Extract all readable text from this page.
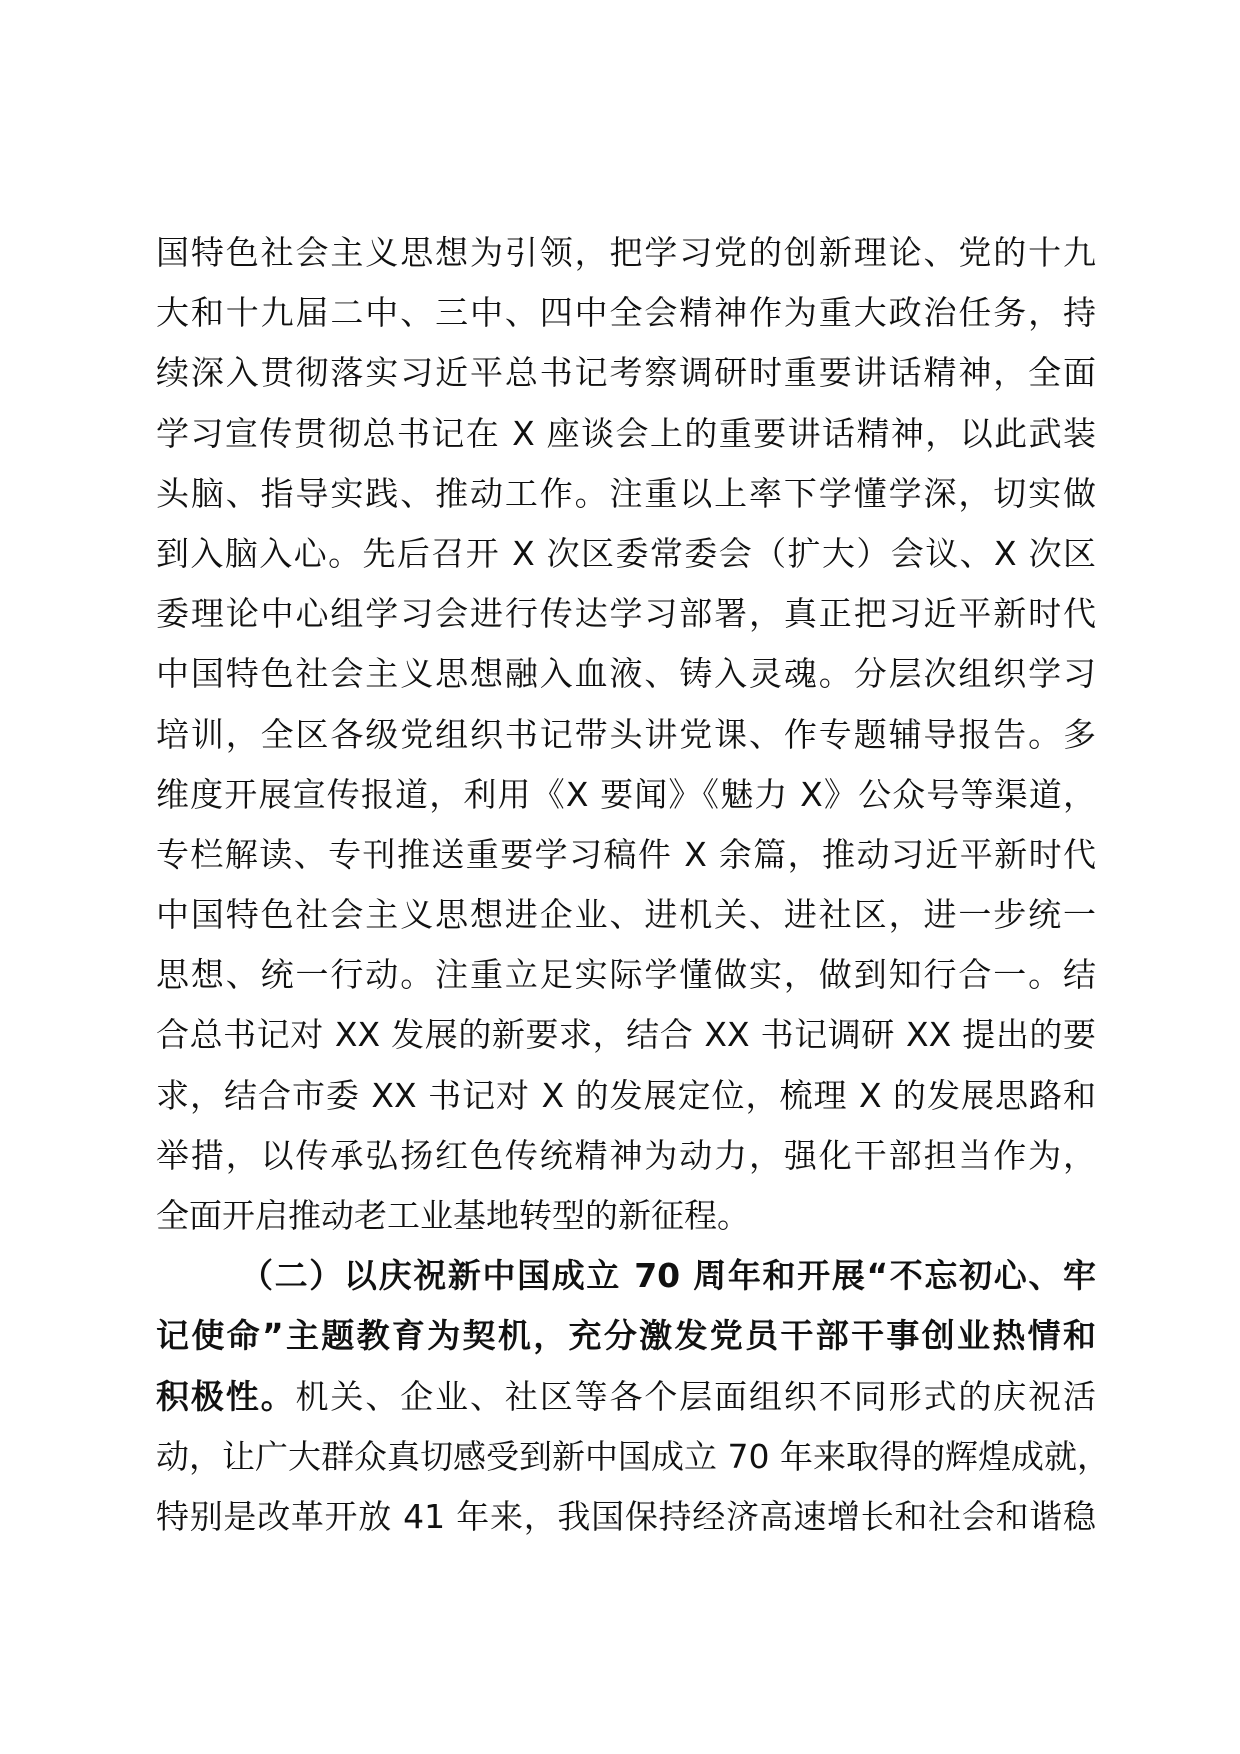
国特色社会主义思想为引领，把学习党的创新理论、党的十九
大和十九届二中、三中、四中全会精神作为重大政治任务，持
续深入贯彻落实习近平总书记考察调研时重要讲话精神，全面
学习宣传贯彻总书记在 X 座谈会上的重要讲话精神，以此武装
头脑、指导实践、推动工作。注重以上率下学懂学深，切实做
到入脑入心。先后召开 X 次区委常委会（扩大）会议、X 次区
委理论中心组学习会进行传达学习部署，真正把习近平新时代
中国特色社会主义思想融入血液、铸入灵魂。分层次组织学习
培训，全区各级党组织书记带头讲党课、作专题辅导报告。多
维度开展宣传报道，利用《X 要闻》《魅力 X》公众号等渠道，
专栏解读、专刊推送重要学习稿件 X 余篇，推动习近平新时代
中国特色社会主义思想进企业、进机关、进社区，进一步统一
思想、统一行动。注重立足实际学懂做实，做到知行合一。结
合总书记对 XX 发展的新要求，结合 XX 书记调研 XX 提出的要
求，结合市委 XX 书记对 X 的发展定位，梳理 X 的发展思路和
举措，以传承弘扬红色传统精神为动力，强化干部担当作为，
全面开启推动老工业基地转型的新征程。
（二）以庆祝新中国成立 70 周年和开展“不忘初心、牢
记使命”主题教育为契机，充分激发党员干部干事创业热情和
积极性。机关、企业、社区等各个层面组织不同形式的庆祝活
动，让广大群众真切感受到新中国成立 70 年来取得的辉煌成就，
特别是改革开放 41 年来，我国保持经济高速增长和社会和谐稳
